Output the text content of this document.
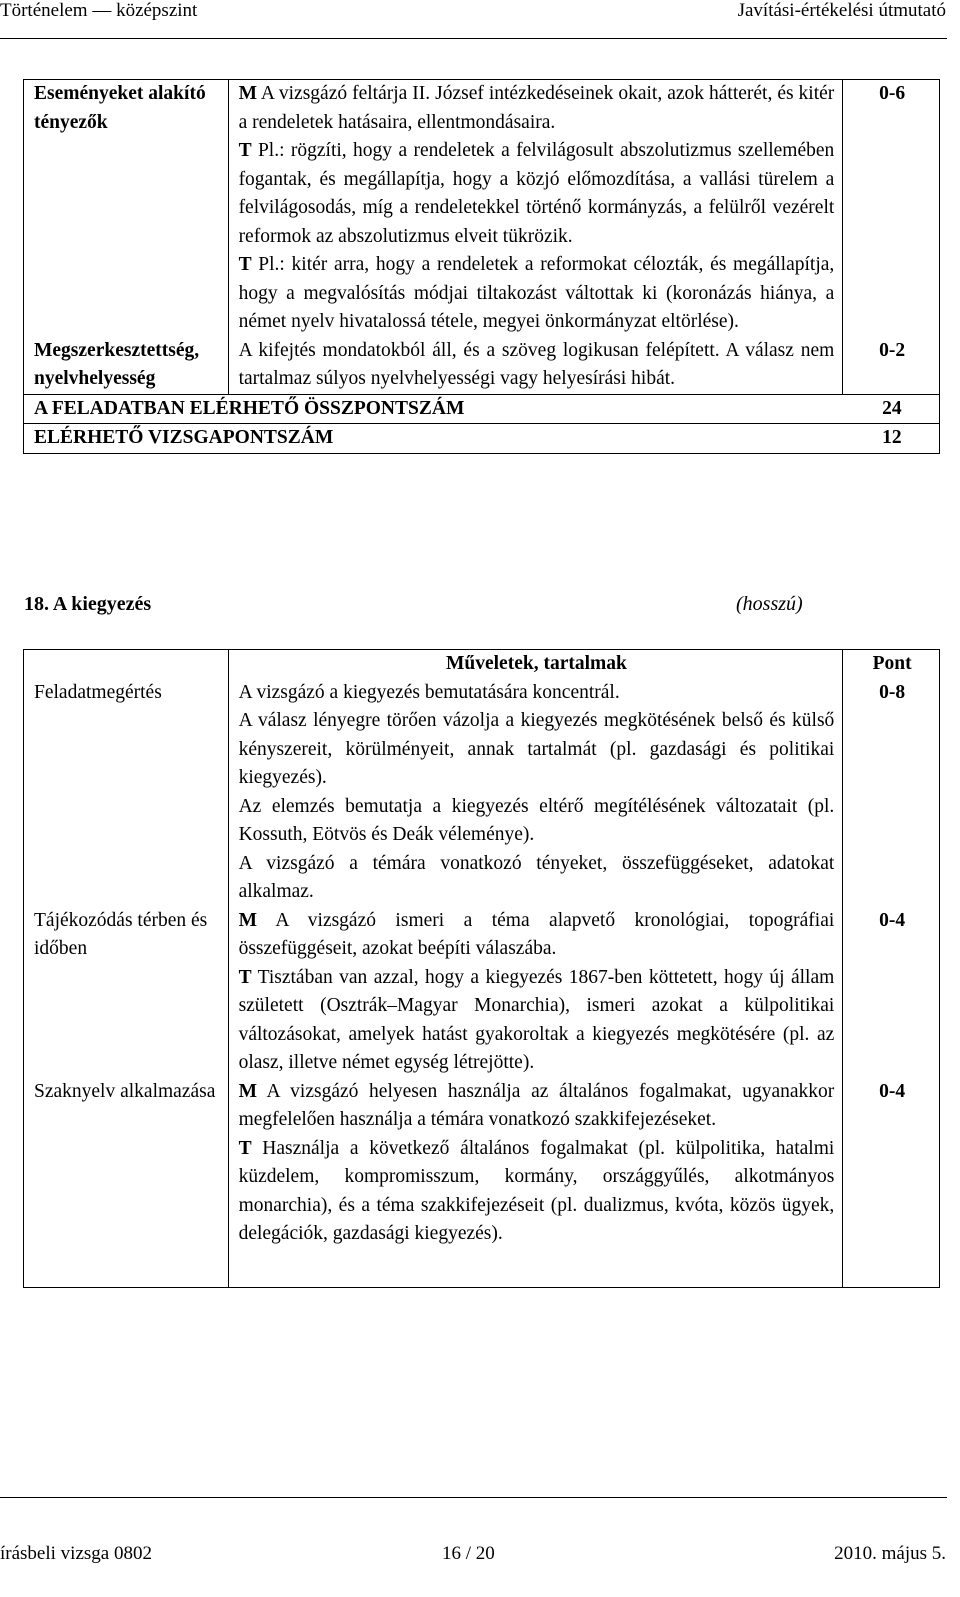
Történelem — középszint	Javítási-értékelési útmutató
Eseményeket alakító tényezők	M A vizsgázó feltárja II. József intézkedéseinek okait, azok hátterét, és kitér a rendeletek hatásaira, ellentmondásaira.
T Pl.: rögzíti, hogy a rendeletek a felvilágosult abszolutizmus szellemében fogantak, és megállapítja, hogy a közjó előmozdítása, a vallási türelem a felvilágosodás, míg a rendeletekkel történő kormányzás, a felülről vezérelt reformok az abszolutizmus elveit tükrözik.
T Pl.: kitér arra, hogy a rendeletek a reformokat célozták, és megállapítja, hogy a megvalósítás módjai tiltakozást váltottak ki (koronázás hiánya, a német nyelv hivatalossá tétele, megyei önkormányzat eltörlése).	0-6
Megszerkesztettség, nyelvhelyesség	A kifejtés mondatokból áll, és a szöveg logikusan felépített. A válasz nem tartalmaz súlyos nyelvhelyességi vagy helyesírási hibát.	0-2
A FELADATBAN ELÉRHETŐ ÖSSZPONTSZÁM		24
ELÉRHETŐ VIZSGAPONTSZÁM		12
18. A kiegyezés	(hosszú)
	Műveletek, tartalmak	Pont
Feladatmegértés	A vizsgázó a kiegyezés bemutatására koncentrál.
A válasz lényegre törően vázolja a kiegyezés megkötésének belső és külső kényszereit, körülményeit, annak tartalmát (pl. gazdasági és politikai kiegyezés).
Az elemzés bemutatja a kiegyezés eltérő megítélésének változatait (pl. Kossuth, Eötvös és Deák véleménye).
A vizsgázó a témára vonatkozó tényeket, összefüggéseket, adatokat alkalmaz.	0-8
Tájékozódás térben és időben	M A vizsgázó ismeri a téma alapvető kronológiai, topográfiai összefüggéseit, azokat beépíti válaszába.
T Tisztában van azzal, hogy a kiegyezés 1867-ben köttetett, hogy új állam született (Osztrák–Magyar Monarchia), ismeri azokat a külpolitikai változásokat, amelyek hatást gyakoroltak a kiegyezés megkötésére (pl. az olasz, illetve német egység létrejötte).	0-4
Szaknyelv alkalmazása	M A vizsgázó helyesen használja az általános fogalmakat, ugyanakkor megfelelően használja a témára vonatkozó szakkifejezéseket.
T Használja a következő általános fogalmakat (pl. külpolitika, hatalmi küzdelem, kompromisszum, kormány, országgyűlés, alkotmányos monarchia), és a téma szakkifejezéseit (pl. dualizmus, kvóta, közös ügyek, delegációk, gazdasági kiegyezés).	0-4

írásbeli vizsga 0802	16 / 20	2010. május 5.
